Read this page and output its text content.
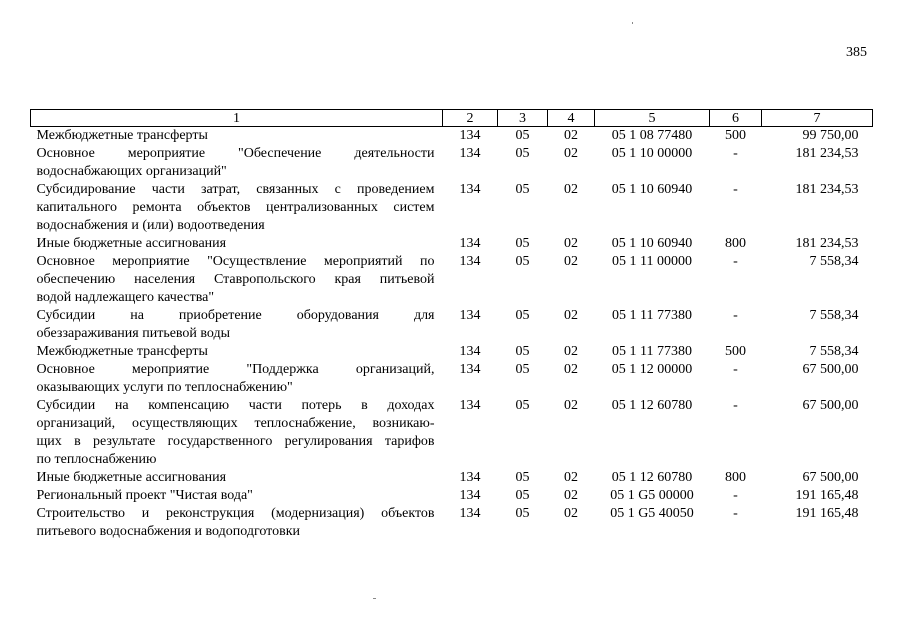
385
1	2	3	4	5	6	7

Межбюджетные трансферты	134	05	02	05 1 08 77480	500	99 750,00

Основное мероприятие "Обеспечение деятельности
водоснабжающих организаций"	134	05	02	05 1 10 00000	-	181 234,53

Субсидирование части затрат, связанных с проведением
капитального ремонта объектов централизованных систем
водоснабжения и (или) водоотведения	134	05	02	05 1 10 60940	-	181 234,53

Иные бюджетные ассигнования	134	05	02	05 1 10 60940	800	181 234,53

Основное мероприятие "Осуществление мероприятий по
обеспечению населения Ставропольского края питьевой
водой надлежащего качества"	134	05	02	05 1 11 00000	-	7 558,34

Субсидии на приобретение оборудования для
обеззараживания питьевой воды	134	05	02	05 1 11 77380	-	7 558,34

Межбюджетные трансферты	134	05	02	05 1 11 77380	500	7 558,34

Основное мероприятие "Поддержка организаций,
оказывающих услуги по теплоснабжению"	134	05	02	05 1 12 00000	-	67 500,00

Субсидии на компенсацию части потерь в доходах
организаций, осуществляющих теплоснабжение, возникаю-
щих в результате государственного регулирования тарифов
по теплоснабжению	134	05	02	05 1 12 60780	-	67 500,00

Иные бюджетные ассигнования	134	05	02	05 1 12 60780	800	67 500,00

Региональный проект "Чистая вода"	134	05	02	05 1 G5 00000	-	191 165,48

Строительство и реконструкция (модернизация) объектов
питьевого водоснабжения и водоподготовки	134	05	02	05 1 G5 40050	-	191 165,48
